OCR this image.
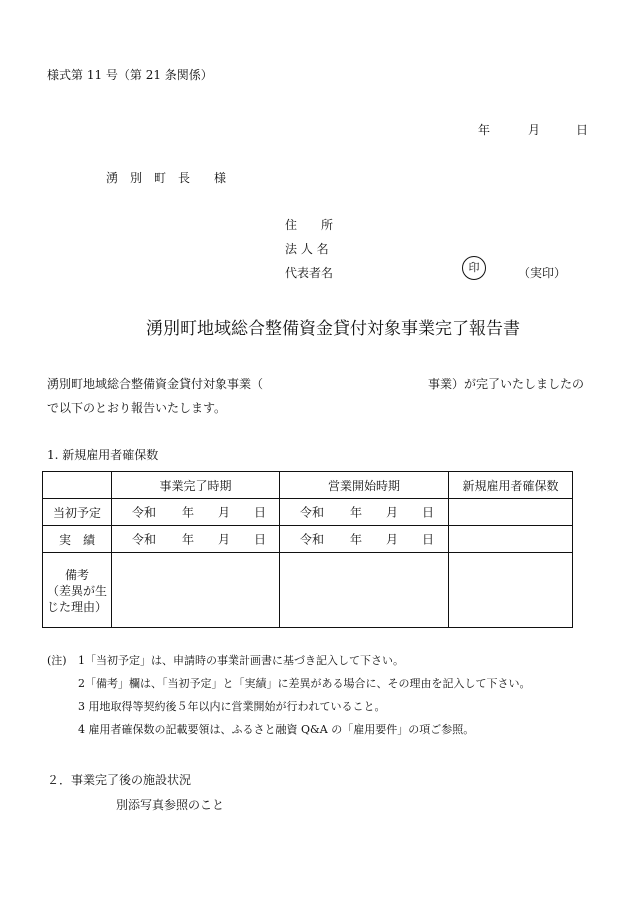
様式第 11 号（第 21 条関係）
年	月	日
湧　別　町　長　　様
住　　所
法 人 名
代表者名	印	（実印）
湧別町地域総合整備資金貸付対象事業完了報告書
湧別町地域総合整備資金貸付対象事業（	事業）が完了いたしましたの
で以下のとおり報告いたします。
1. 新規雇用者確保数
	事業完了時期	営業開始時期	新規雇用者確保数
当初予定	令和 年 月 日	令和 年 月 日	

実　績	令和 年 月 日	令和 年 月 日	

備考
（差異が生
じた理由）			
(注) 1「当初予定」は、申請時の事業計画書に基づき記入して下さい。
2「備考」欄は、「当初予定」と「実績」に差異がある場合に、その理由を記入して下さい。
3 用地取得等契約後５年以内に営業開始が行われていること。
4 雇用者確保数の記載要領は、ふるさと融資 Q&A の「雇用要件」の項ご参照。
２．事業完了後の施設状況
別添写真参照のこと
